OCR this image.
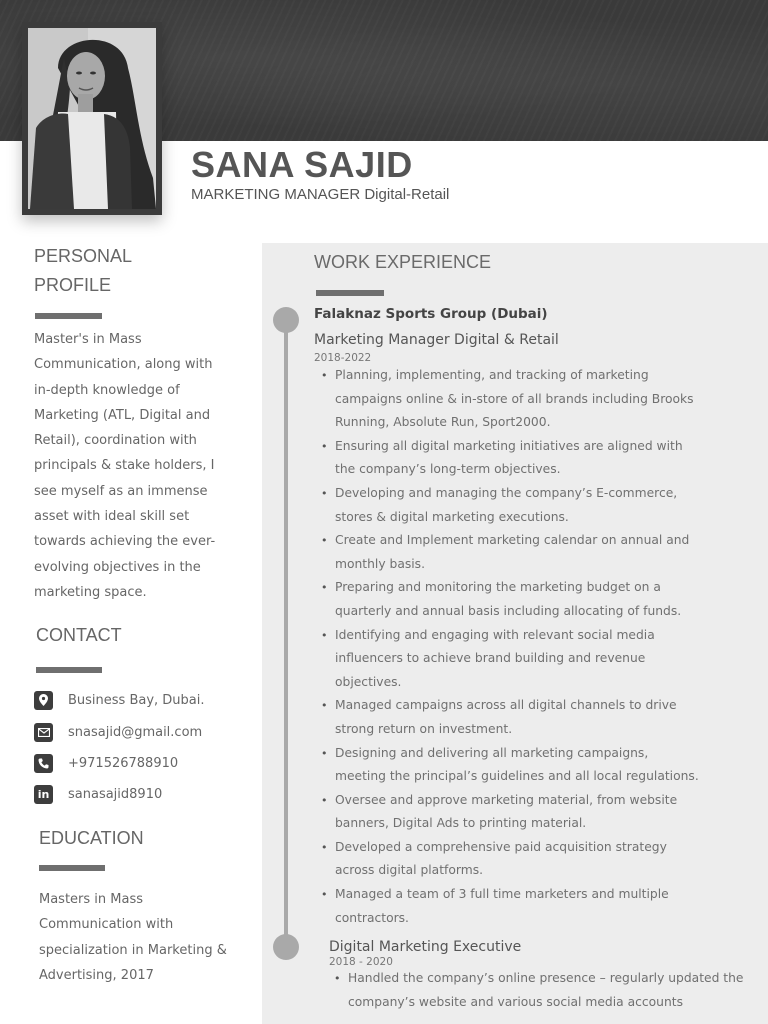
SANA SAJID
MARKETING MANAGER Digital-Retail
PERSONAL
PROFILE
Master's in Mass
Communication, along with
in-depth knowledge of
Marketing (ATL, Digital and
Retail), coordination with
principals & stake holders, I
see myself as an immense
asset with ideal skill set
towards achieving the ever-
evolving objectives in the
marketing space.
CONTACT
Business Bay, Dubai.
snasajid@gmail.com
+971526788910
in sanasajid8910
EDUCATION
Masters in Mass
Communication with
specialization in Marketing &
Advertising, 2017
WORK EXPERIENCE
Falaknaz Sports Group (Dubai)
Marketing Manager Digital & Retail
2018-2022
• Planning, implementing, and tracking of marketing
campaigns online & in-store of all brands including Brooks
Running, Absolute Run, Sport2000.
• Ensuring all digital marketing initiatives are aligned with
the company’s long-term objectives.
• Developing and managing the company’s E-commerce,
stores & digital marketing executions.
• Create and Implement marketing calendar on annual and
monthly basis.
• Preparing and monitoring the marketing budget on a
quarterly and annual basis including allocating of funds.
• Identifying and engaging with relevant social media
influencers to achieve brand building and revenue
objectives.
• Managed campaigns across all digital channels to drive
strong return on investment.
• Designing and delivering all marketing campaigns,
meeting the principal’s guidelines and all local regulations.
• Oversee and approve marketing material, from website
banners, Digital Ads to printing material.
• Developed a comprehensive paid acquisition strategy
across digital platforms.
• Managed a team of 3 full time marketers and multiple
contractors.
Digital Marketing Executive
2018 - 2020
• Handled the company’s online presence – regularly updated the
company’s website and various social media accounts
